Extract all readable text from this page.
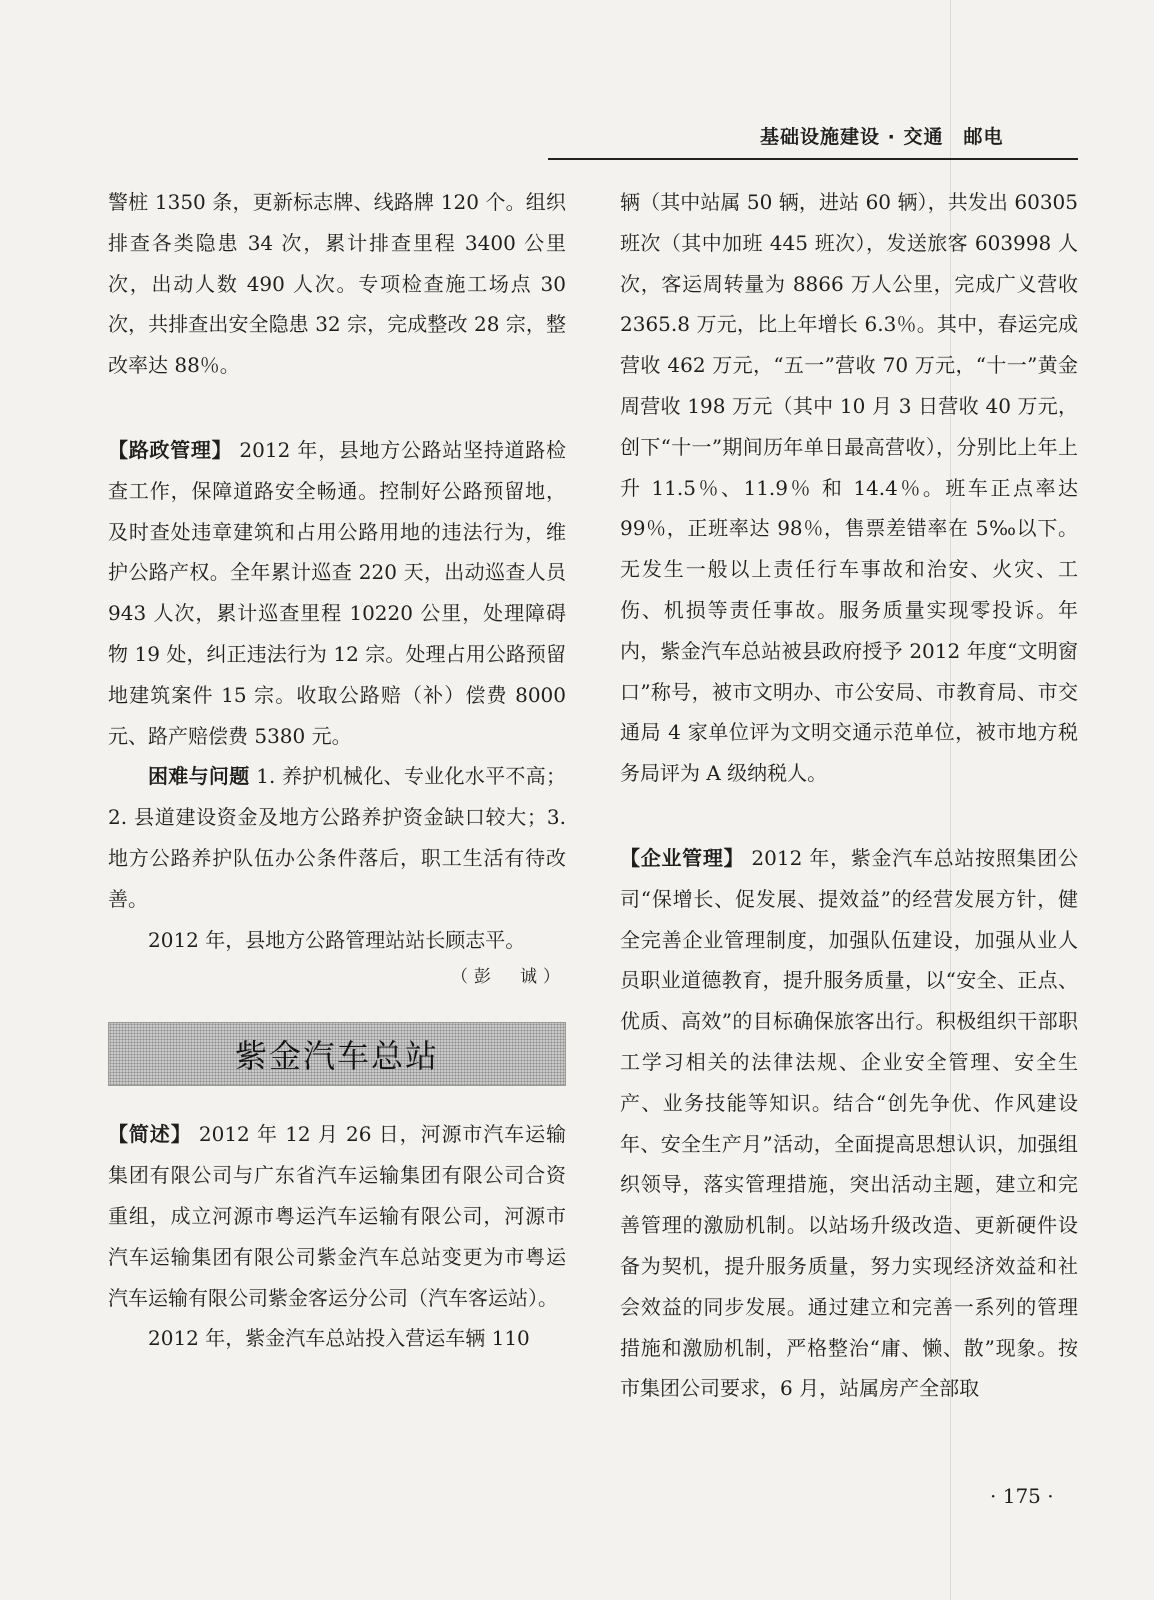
基础设施建设 · 交通　邮电

警桩 1350 条，更新标志牌、线路牌 120 个。组织排查各类隐患 34 次，累计排查里程 3400 公里次，出动人数 490 人次。专项检查施工场点 30 次，共排查出安全隐患 32 宗，完成整改 28 宗，整改率达 88％。

【路政管理】 2012 年，县地方公路站坚持道路检查工作，保障道路安全畅通。控制好公路预留地，及时查处违章建筑和占用公路用地的违法行为，维护公路产权。全年累计巡查 220 天，出动巡查人员 943 人次，累计巡查里程 10220 公里，处理障碍物 19 处，纠正违法行为 12 宗。处理占用公路预留地建筑案件 15 宗。收取公路赔（补）偿费 8000 元、路产赔偿费 5380 元。

困难与问题 1. 养护机械化、专业化水平不高；2. 县道建设资金及地方公路养护资金缺口较大；3. 地方公路养护队伍办公条件落后，职工生活有待改善。

2012 年，县地方公路管理站站长顾志平。

（彭　诚）

紫金汽车总站

【简述】 2012 年 12 月 26 日，河源市汽车运输集团有限公司与广东省汽车运输集团有限公司合资重组，成立河源市粤运汽车运输有限公司，河源市汽车运输集团有限公司紫金汽车总站变更为市粤运汽车运输有限公司紫金客运分公司（汽车客运站）。

2012 年，紫金汽车总站投入营运车辆 110

辆（其中站属 50 辆，进站 60 辆），共发出 60305 班次（其中加班 445 班次），发送旅客 603998 人次，客运周转量为 8866 万人公里，完成广义营收 2365.8 万元，比上年增长 6.3％。其中，春运完成营收 462 万元，“五一”营收 70 万元，“十一”黄金周营收 198 万元（其中 10 月 3 日营收 40 万元，创下“十一”期间历年单日最高营收），分别比上年上升 11.5％、11.9％ 和 14.4％。班车正点率达 99％，正班率达 98％，售票差错率在 5‰以下。无发生一般以上责任行车事故和治安、火灾、工伤、机损等责任事故。服务质量实现零投诉。年内，紫金汽车总站被县政府授予 2012 年度“文明窗口”称号，被市文明办、市公安局、市教育局、市交通局 4 家单位评为文明交通示范单位，被市地方税务局评为 A 级纳税人。

【企业管理】 2012 年，紫金汽车总站按照集团公司“保增长、促发展、提效益”的经营发展方针，健全完善企业管理制度，加强队伍建设，加强从业人员职业道德教育，提升服务质量，以“安全、正点、优质、高效”的目标确保旅客出行。积极组织干部职工学习相关的法律法规、企业安全管理、安全生产、业务技能等知识。结合“创先争优、作风建设年、安全生产月”活动，全面提高思想认识，加强组织领导，落实管理措施，突出活动主题，建立和完善管理的激励机制。以站场升级改造、更新硬件设备为契机，提升服务质量，努力实现经济效益和社会效益的同步发展。通过建立和完善一系列的管理措施和激励机制，严格整治“庸、懒、散”现象。按市集团公司要求，6 月，站属房产全部取

· 175 ·
